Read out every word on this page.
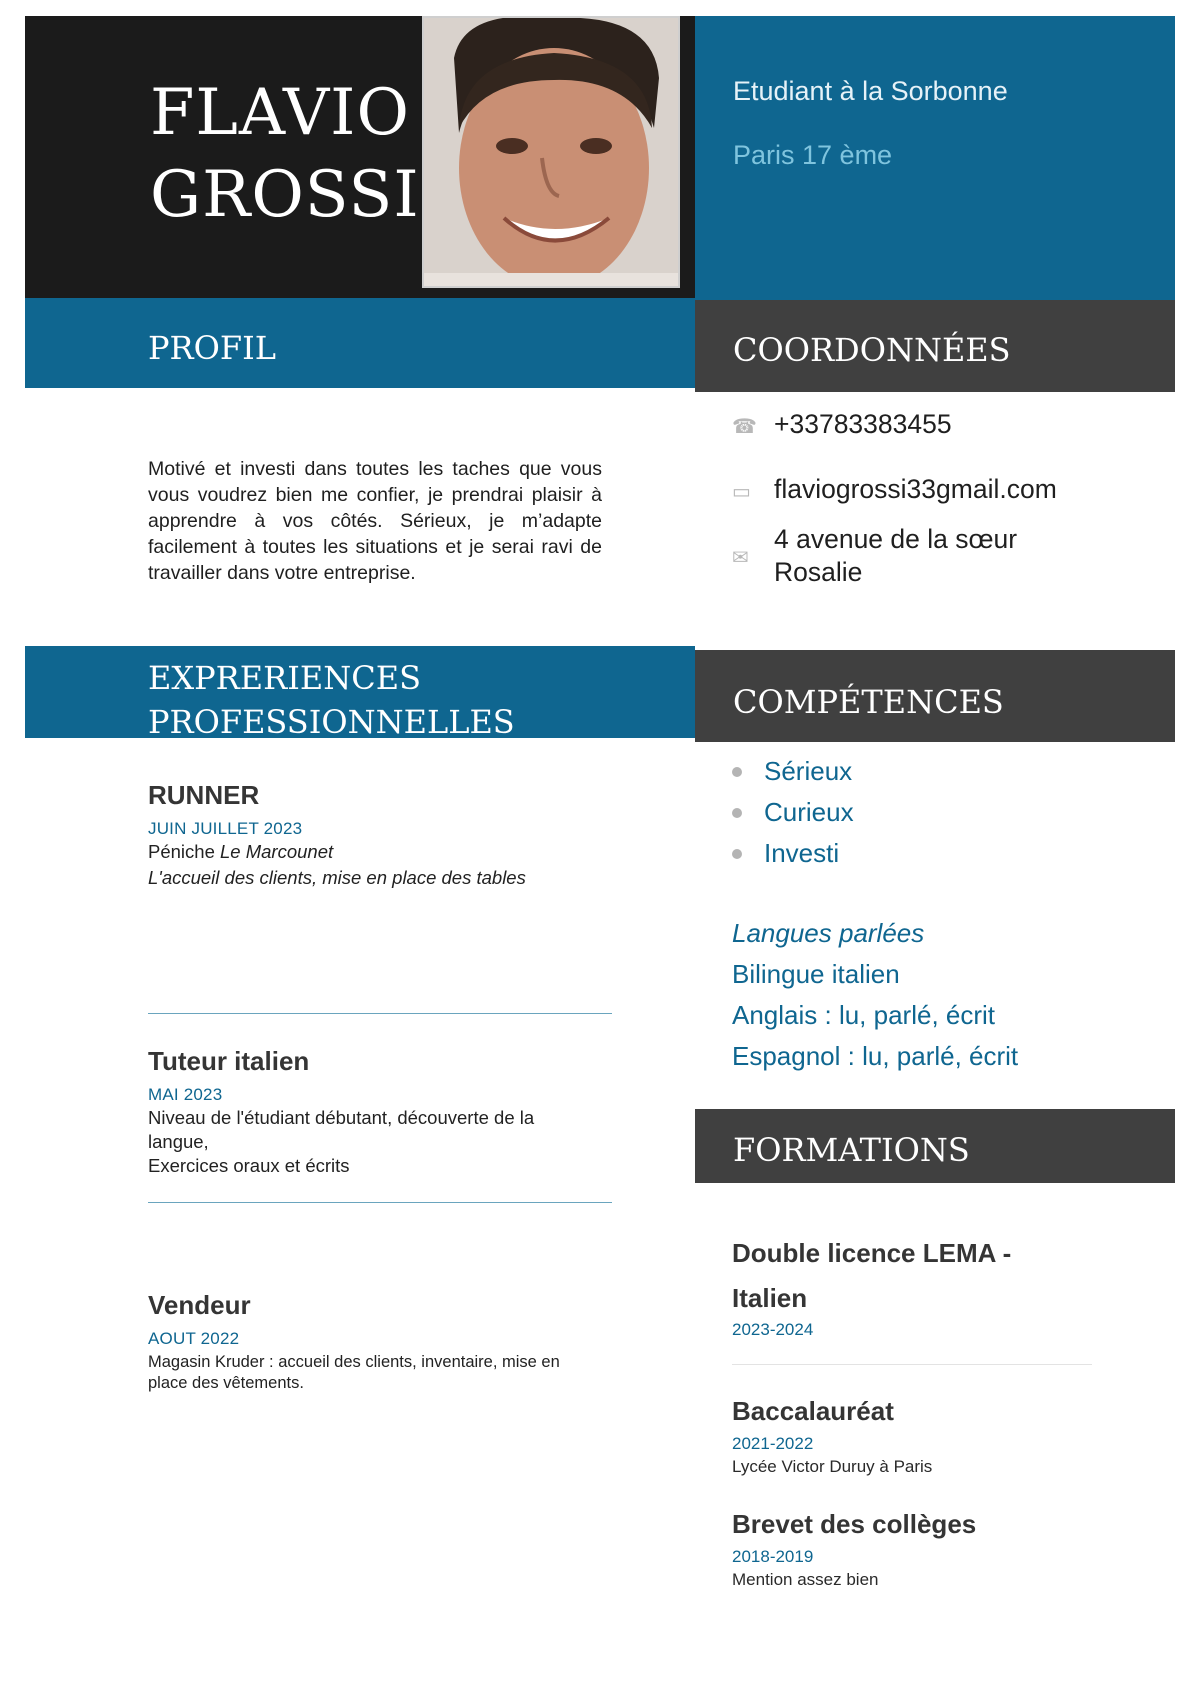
FLAVIO
GROSSI
Etudiant à la Sorbonne
Paris 17 ème
PROFIL	COORDONNÉES
Motivé et investi dans toutes les taches que vous vous voudrez bien me confier, je prendrai plaisir à apprendre à vos côtés. Sérieux, je m’adapte facilement à toutes les situations et je serai ravi de travailler dans votre entreprise.
☎ +33783383455
▭ flaviogrossi33gmail.com
✉
4 avenue de la sœur Rosalie
EXPRERIENCES
PROFESSIONNELLES
COMPÉTENCES
RUNNER
JUIN JUILLET 2023
Péniche Le Marcounet
L'accueil des clients, mise en place des tables
Tuteur italien
MAI 2023
Niveau de l'étudiant débutant, découverte de la langue,
Exercices oraux et écrits
Vendeur
AOUT 2022
Magasin Kruder : accueil des clients, inventaire, mise en place des vêtements.
Sérieux
Curieux
Investi
Langues parlées
Bilingue italien
Anglais : lu, parlé, écrit
Espagnol : lu, parlé, écrit
FORMATIONS
Double licence LEMA -
Italien
2023-2024
Baccalauréat
2021-2022
Lycée Victor Duruy à Paris
Brevet des collèges
2018-2019
Mention assez bien
